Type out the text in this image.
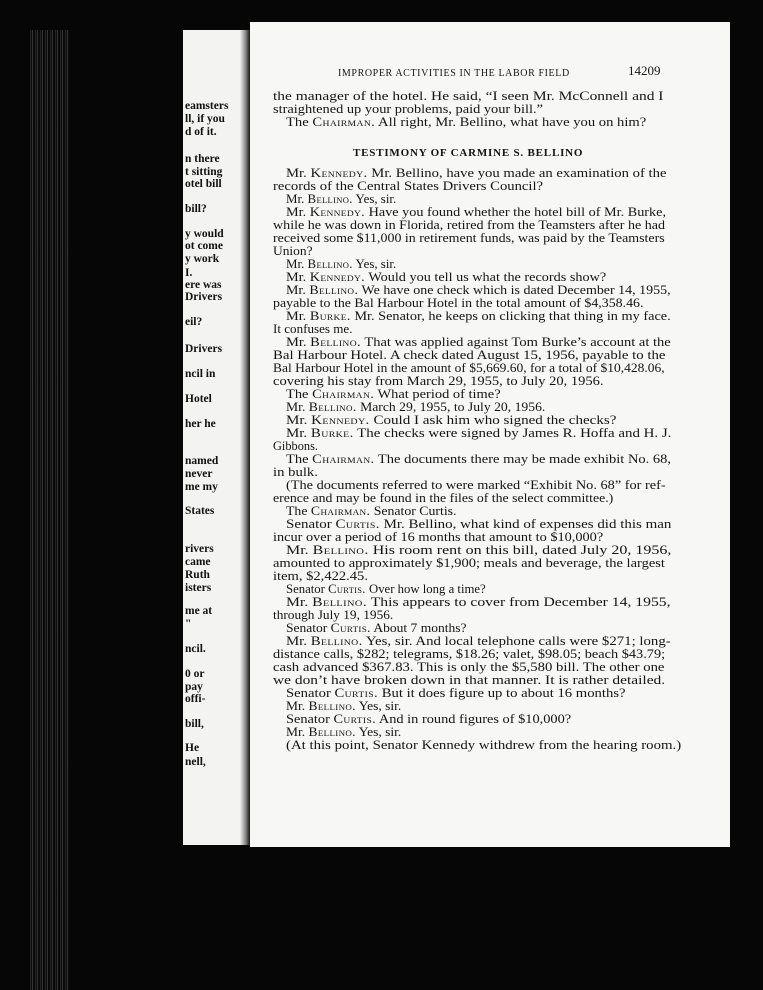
eamsters
ll, if you
d of it.
n there
t sitting
otel bill
bill?
y would
ot come
y work
I.
ere was
Drivers
eil?
Drivers
ncil in
Hotel
her he
named
never
me my
States
rivers
came
Ruth
isters
me at
"
ncil.
0 or
pay
offi-
bill,
He
nell,
IMPROPER ACTIVITIES IN THE LABOR FIELD	14209
TESTIMONY OF CARMINE S. BELLINO
the manager of the hotel. He said, “I seen Mr. McConnell and I
straightened up your problems, paid your bill.”
The Chairman. All right, Mr. Bellino, what have you on him?
Mr. Kennedy. Mr. Bellino, have you made an examination of the
records of the Central States Drivers Council?
Mr. Bellino. Yes, sir.
Mr. Kennedy. Have you found whether the hotel bill of Mr. Burke,
while he was down in Florida, retired from the Teamsters after he had
received some $11,000 in retirement funds, was paid by the Teamsters
Union?
Mr. Bellino. Yes, sir.
Mr. Kennedy. Would you tell us what the records show?
Mr. Bellino. We have one check which is dated December 14, 1955,
payable to the Bal Harbour Hotel in the total amount of $4,358.46.
Mr. Burke. Mr. Senator, he keeps on clicking that thing in my face.
It confuses me.
Mr. Bellino. That was applied against Tom Burke’s account at the
Bal Harbour Hotel. A check dated August 15, 1956, payable to the
Bal Harbour Hotel in the amount of $5,669.60, for a total of $10,428.06,
covering his stay from March 29, 1955, to July 20, 1956.
The Chairman. What period of time?
Mr. Bellino. March 29, 1955, to July 20, 1956.
Mr. Kennedy. Could I ask him who signed the checks?
Mr. Burke. The checks were signed by James R. Hoffa and H. J.
Gibbons.
The Chairman. The documents there may be made exhibit No. 68,
in bulk.
(The documents referred to were marked “Exhibit No. 68” for ref-
erence and may be found in the files of the select committee.)
The Chairman. Senator Curtis.
Senator Curtis. Mr. Bellino, what kind of expenses did this man
incur over a period of 16 months that amount to $10,000?
Mr. Bellino. His room rent on this bill, dated July 20, 1956,
amounted to approximately $1,900; meals and beverage, the largest
item, $2,422.45.
Senator Curtis. Over how long a time?
Mr. Bellino. This appears to cover from December 14, 1955,
through July 19, 1956.
Senator Curtis. About 7 months?
Mr. Bellino. Yes, sir. And local telephone calls were $271; long-
distance calls, $282; telegrams, $18.26; valet, $98.05; beach $43.79;
cash advanced $367.83. This is only the $5,580 bill. The other one
we don’t have broken down in that manner. It is rather detailed.
Senator Curtis. But it does figure up to about 16 months?
Mr. Bellino. Yes, sir.
Senator Curtis. And in round figures of $10,000?
Mr. Bellino. Yes, sir.
(At this point, Senator Kennedy withdrew from the hearing room.)
